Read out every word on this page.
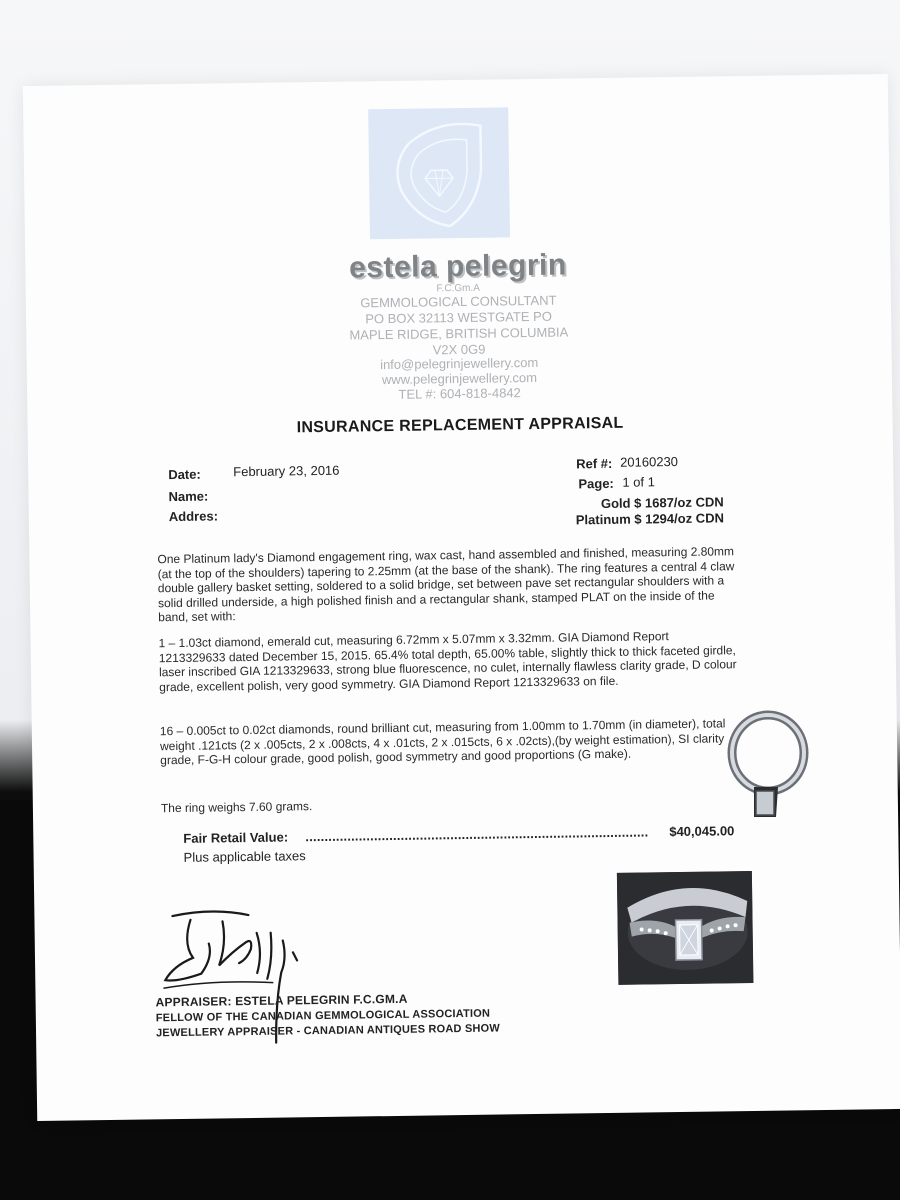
estela pelegrin
F.C.Gm.A
GEMMOLOGICAL CONSULTANT
PO BOX 32113 WESTGATE PO
MAPLE RIDGE, BRITISH COLUMBIA
V2X 0G9
info@pelegrinjewellery.com
www.pelegrinjewellery.com
TEL #: 604-818-4842
INSURANCE REPLACEMENT APPRAISAL
Date: February 23, 2016
Name:
Addres:
Ref #: 20160230
Page: 1 of 1
Gold $ 1687/oz CDN
Platinum $ 1294/oz CDN
One Platinum lady's Diamond engagement ring, wax cast, hand assembled and finished, measuring 2.80mm (at the top of the shoulders) tapering to 2.25mm (at the base of the shank). The ring features a central 4 claw double gallery basket setting, soldered to a solid bridge, set between pave set rectangular shoulders with a solid drilled underside, a high polished finish and a rectangular shank, stamped PLAT on the inside of the band, set with:
1 – 1.03ct diamond, emerald cut, measuring 6.72mm x 5.07mm x 3.32mm. GIA Diamond Report 1213329633 dated December 15, 2015. 65.4% total depth, 65.00% table, slightly thick to thick faceted girdle, laser inscribed GIA 1213329633, strong blue fluorescence, no culet, internally flawless clarity grade, D colour grade, excellent polish, very good symmetry. GIA Diamond Report 1213329633 on file.
16 – 0.005ct to 0.02ct diamonds, round brilliant cut, measuring from 1.00mm to 1.70mm (in diameter), total weight .121cts (2 x .005cts, 2 x .008cts, 4 x .01cts, 2 x .015cts, 6 x .02cts),(by weight estimation), SI clarity grade, F-G-H colour grade, good polish, good symmetry and good proportions (G make).
The ring weighs 7.60 grams.
Fair Retail Value: ..........................................................................................	$40,045.00
Plus applicable taxes
APPRAISER: ESTELA PELEGRIN F.C.GM.A
FELLOW OF THE CANADIAN GEMMOLOGICAL ASSOCIATION
JEWELLERY APPRAISER - CANADIAN ANTIQUES ROAD SHOW
